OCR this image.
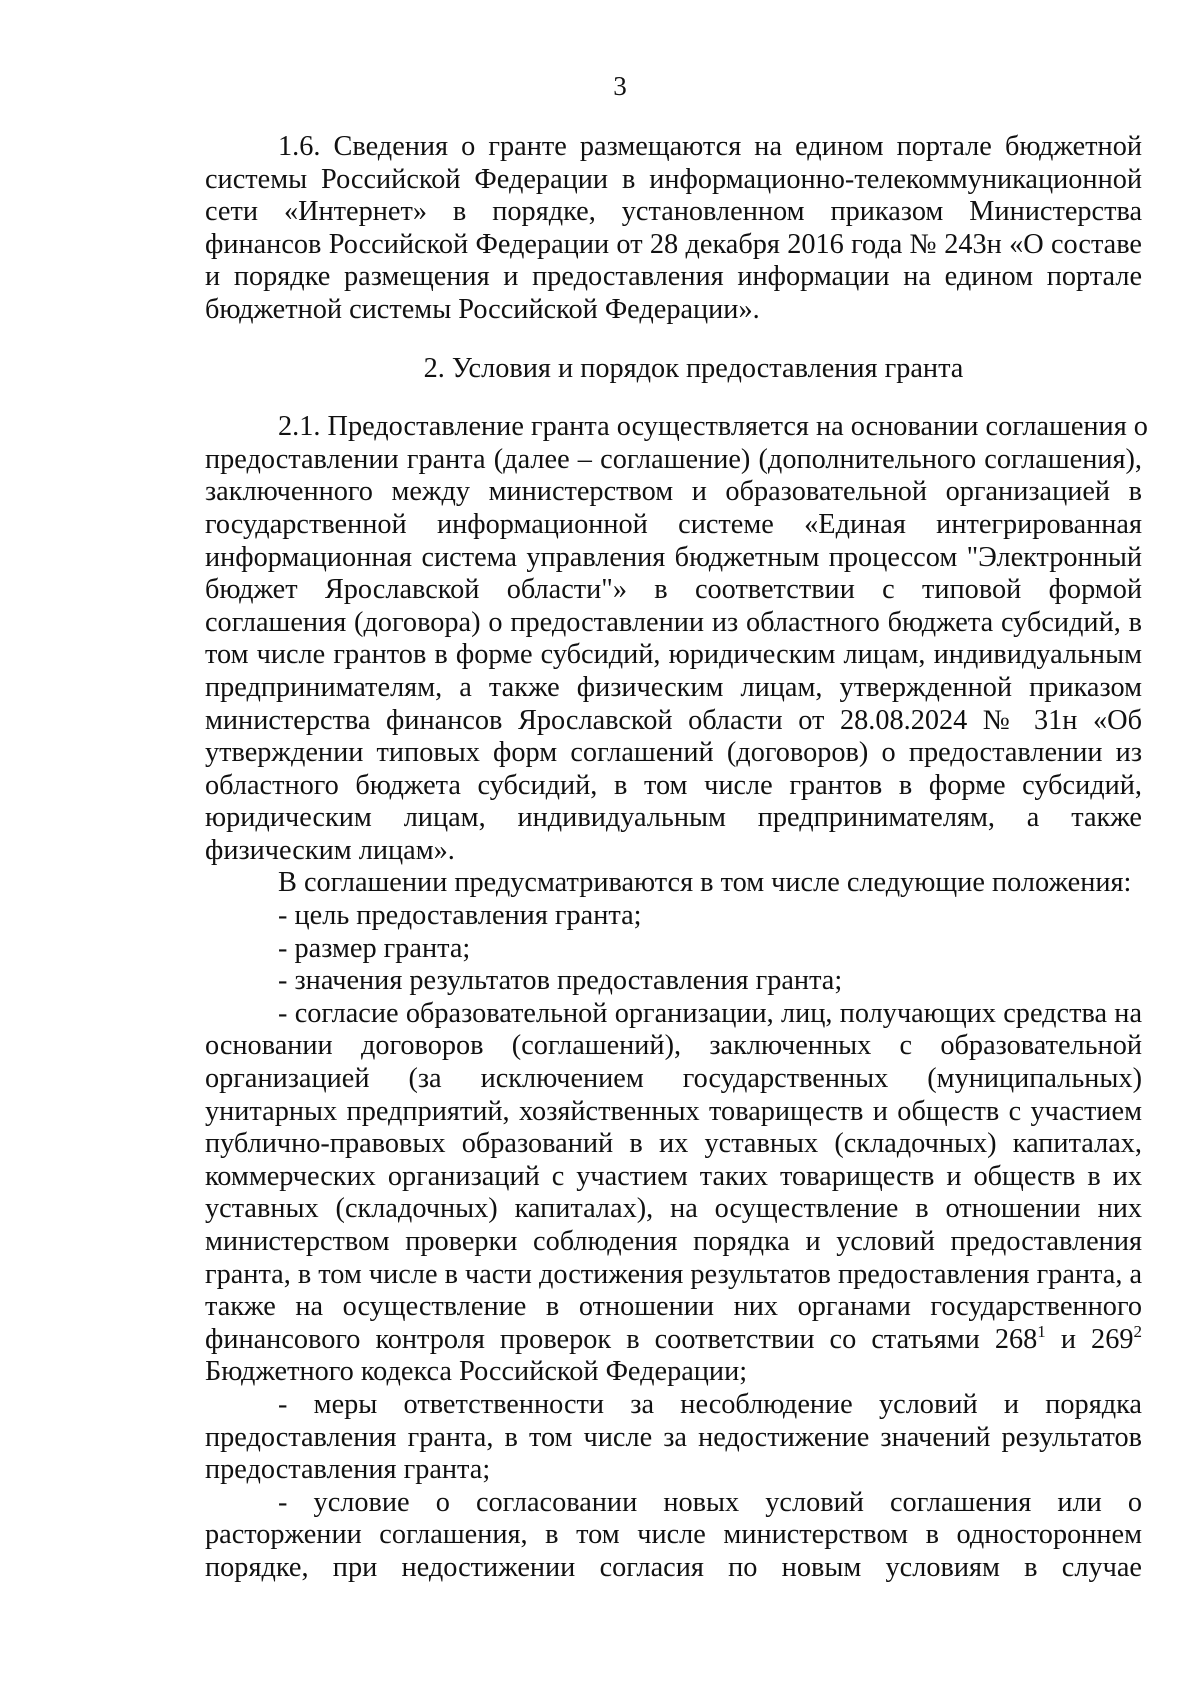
3
1.6. Сведения о гранте размещаются на едином портале бюджетной
системы Российской Федерации в информационно-телекоммуникационной
сети «Интернет» в порядке, установленном приказом Министерства
финансов Российской Федерации от 28 декабря 2016 года № 243н «О составе
и порядке размещения и предоставления информации на едином портале
бюджетной системы Российской Федерации».
2. Условия и порядок предоставления гранта
2.1. Предоставление гранта осуществляется на основании соглашения о
предоставлении гранта (далее – соглашение) (дополнительного соглашения),
заключенного между министерством и образовательной организацией в
государственной информационной системе «Единая интегрированная
информационная система управления бюджетным процессом "Электронный
бюджет Ярославской области"» в соответствии с типовой формой
соглашения (договора) о предоставлении из областного бюджета субсидий, в
том числе грантов в форме субсидий, юридическим лицам, индивидуальным
предпринимателям, а также физическим лицам, утвержденной приказом
министерства финансов Ярославской области от 28.08.2024 № 31н «Об
утверждении типовых форм соглашений (договоров) о предоставлении из
областного бюджета субсидий, в том числе грантов в форме субсидий,
юридическим лицам, индивидуальным предпринимателям, а также
физическим лицам».
В соглашении предусматриваются в том числе следующие положения:
- цель предоставления гранта;
- размер гранта;
- значения результатов предоставления гранта;
- согласие образовательной организации, лиц, получающих средства на
основании договоров (соглашений), заключенных с образовательной
организацией (за исключением государственных (муниципальных)
унитарных предприятий, хозяйственных товариществ и обществ с участием
публично-правовых образований в их уставных (складочных) капиталах,
коммерческих организаций с участием таких товариществ и обществ в их
уставных (складочных) капиталах), на осуществление в отношении них
министерством проверки соблюдения порядка и условий предоставления
гранта, в том числе в части достижения результатов предоставления гранта, а
также на осуществление в отношении них органами государственного
финансового контроля проверок в соответствии со статьями $268^1$ и $269^2$
Бюджетного кодекса Российской Федерации;
- меры ответственности за несоблюдение условий и порядка
предоставления гранта, в том числе за недостижение значений результатов
предоставления гранта;
- условие о согласовании новых условий соглашения или о
расторжении соглашения, в том числе министерством в одностороннем
порядке, при недостижении согласия по новым условиям в случае
